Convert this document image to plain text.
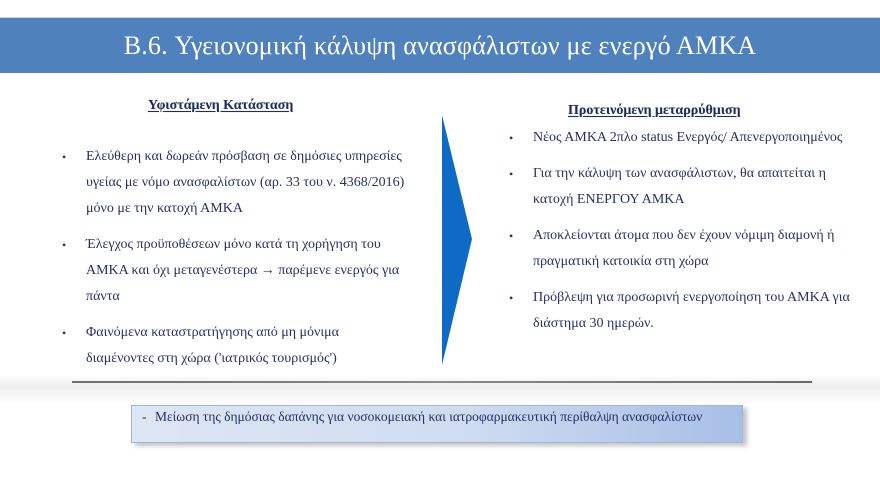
B.6. Υγειονομική κάλυψη ανασφάλιστων με ενεργό ΑΜΚΑ
Υφιστάμενη Κατάσταση
• Ελεύθερη και δωρεάν πρόσβαση σε δημόσιες υπηρεσίες υγείας με νόμο ανασφαλίστων (αρ. 33 του ν. 4368/2016) μόνο με την κατοχή ΑΜΚΑ
• Έλεγχος προϋποθέσεων μόνο κατά τη χορήγηση του ΑΜΚΑ και όχι μεταγενέστερα → παρέμενε ενεργός για πάντα
• Φαινόμενα καταστρατήγησης από μη μόνιμα διαμένοντες στη χώρα ('ιατρικός τουρισμός')
Προτεινόμενη μεταρρύθμιση
• Νέος ΑΜΚΑ 2πλο status Ενεργός/ Απενεργοποιημένος
• Για την κάλυψη των ανασφάλιστων, θα απαιτείται η κατοχή ΕΝΕΡΓΟΥ ΑΜΚΑ
• Αποκλείονται άτομα που δεν έχουν νόμιμη διαμονή ή πραγματική κατοικία στη χώρα
• Πρόβλεψη για προσωρινή ενεργοποίηση του ΑΜΚΑ για διάστημα 30 ημερών.
- Μείωση της δημόσιας δαπάνης για νοσοκομειακή και ιατροφαρμακευτική περίθαλψη ανασφαλίστων
